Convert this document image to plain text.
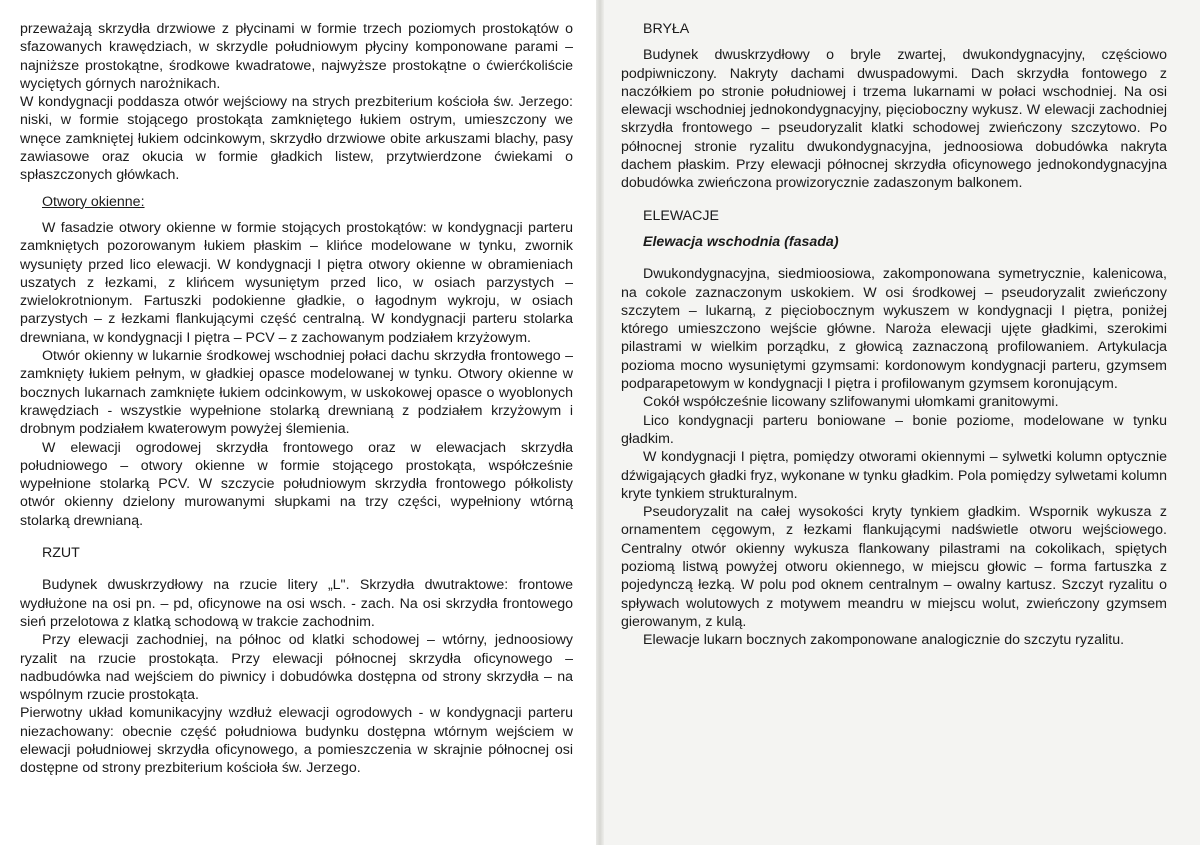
przeważają skrzydła drzwiowe z płycinami w formie trzech poziomych prostokątów o sfazowanych krawędziach, w skrzydle południowym płyciny komponowane parami – najniższe prostokątne, środkowe kwadratowe, najwyższe prostokątne o ćwierćkoliście wyciętych górnych narożnikach.

W kondygnacji poddasza otwór wejściowy na strych prezbiterium kościoła św. Jerzego: niski, w formie stojącego prostokąta zamkniętego łukiem ostrym, umieszczony we wnęce zamkniętej łukiem odcinkowym, skrzydło drzwiowe obite arkuszami blachy, pasy zawiasowe oraz okucia w formie gładkich listew, przytwierdzone ćwiekami o spłaszczonych główkach.

Otwory okienne:

W fasadzie otwory okienne w formie stojących prostokątów: w kondygnacji parteru zamkniętych pozorowanym łukiem płaskim – klińce modelowane w tynku, zwornik wysunięty przed lico elewacji. W kondygnacji I piętra otwory okienne w obramieniach uszatych z łezkami, z klińcem wysuniętym przed lico, w osiach parzystych – zwielokrotnionym. Fartuszki podokienne gładkie, o łagodnym wykroju, w osiach parzystych – z łezkami flankującymi część centralną. W kondygnacji parteru stolarka drewniana, w kondygnacji I piętra – PCV – z zachowanym podziałem krzyżowym.

Otwór okienny w lukarnie środkowej wschodniej połaci dachu skrzydła frontowego – zamknięty łukiem pełnym, w gładkiej opasce modelowanej w tynku. Otwory okienne w bocznych lukarnach zamknięte łukiem odcinkowym, w uskokowej opasce o wyoblonych krawędziach - wszystkie wypełnione stolarką drewnianą z podziałem krzyżowym i drobnym podziałem kwaterowym powyżej ślemienia.

W elewacji ogrodowej skrzydła frontowego oraz w elewacjach skrzydła południowego – otwory okienne w formie stojącego prostokąta, współcześnie wypełnione stolarką PCV. W szczycie południowym skrzydła frontowego półkolisty otwór okienny dzielony murowanymi słupkami na trzy części, wypełniony wtórną stolarką drewnianą.

RZUT

Budynek dwuskrzydłowy na rzucie litery „L". Skrzydła dwutraktowe: frontowe wydłużone na osi pn. – pd, oficynowe na osi wsch. - zach. Na osi skrzydła frontowego sień przelotowa z klatką schodową w trakcie zachodnim.

Przy elewacji zachodniej, na północ od klatki schodowej – wtórny, jednoosiowy ryzalit na rzucie prostokąta. Przy elewacji północnej skrzydła oficynowego – nadbudówka nad wejściem do piwnicy i dobudówka dostępna od strony skrzydła – na wspólnym rzucie prostokąta.

Pierwotny układ komunikacyjny wzdłuż elewacji ogrodowych - w kondygnacji parteru niezachowany: obecnie część południowa budynku dostępna wtórnym wejściem w elewacji południowej skrzydła oficynowego, a pomieszczenia w skrajnie północnej osi dostępne od strony prezbiterium kościoła św. Jerzego.

BRYŁA

Budynek dwuskrzydłowy o bryle zwartej, dwukondygnacyjny, częściowo podpiwniczony. Nakryty dachami dwuspadowymi. Dach skrzydła fontowego z naczółkiem po stronie południowej i trzema lukarnami w połaci wschodniej. Na osi elewacji wschodniej jednokondygnacyjny, pięcioboczny wykusz. W elewacji zachodniej skrzydła frontowego – pseudoryzalit klatki schodowej zwieńczony szczytowo. Po północnej stronie ryzalitu dwukondygnacyjna, jednoosiowa dobudówka nakryta dachem płaskim. Przy elewacji północnej skrzydła oficynowego jednokondygnacyjna dobudówka zwieńczona prowizorycznie zadaszonym balkonem.

ELEWACJE

Elewacja wschodnia (fasada)

Dwukondygnacyjna, siedmioosiowa, zakomponowana symetrycznie, kalenicowa, na cokole zaznaczonym uskokiem. W osi środkowej – pseudoryzalit zwieńczony szczytem – lukarną, z pięciobocznym wykuszem w kondygnacji I piętra, poniżej którego umieszczono wejście główne. Naroża elewacji ujęte gładkimi, szerokimi pilastrami w wielkim porządku, z głowicą zaznaczoną profilowaniem. Artykulacja pozioma mocno wysuniętymi gzymsami: kordonowym kondygnacji parteru, gzymsem podparapetowym w kondygnacji I piętra i profilowanym gzymsem koronującym.

Cokół współcześnie licowany szlifowanymi ułomkami granitowymi.

Lico kondygnacji parteru boniowane – bonie poziome, modelowane w tynku gładkim.

W kondygnacji I piętra, pomiędzy otworami okiennymi – sylwetki kolumn optycznie dźwigających gładki fryz, wykonane w tynku gładkim. Pola pomiędzy sylwetami kolumn kryte tynkiem strukturalnym.

Pseudoryzalit na całej wysokości kryty tynkiem gładkim. Wspornik wykusza z ornamentem cęgowym, z łezkami flankującymi nadświetle otworu wejściowego. Centralny otwór okienny wykusza flankowany pilastrami na cokolikach, spiętych poziomą listwą powyżej otworu okiennego, w miejscu głowic – forma fartuszka z pojedynczą łezką. W polu pod oknem centralnym – owalny kartusz. Szczyt ryzalitu o spływach wolutowych z motywem meandru w miejscu wolut, zwieńczony gzymsem gierowanym, z kulą.

Elewacje lukarn bocznych zakomponowane analogicznie do szczytu ryzalitu.
